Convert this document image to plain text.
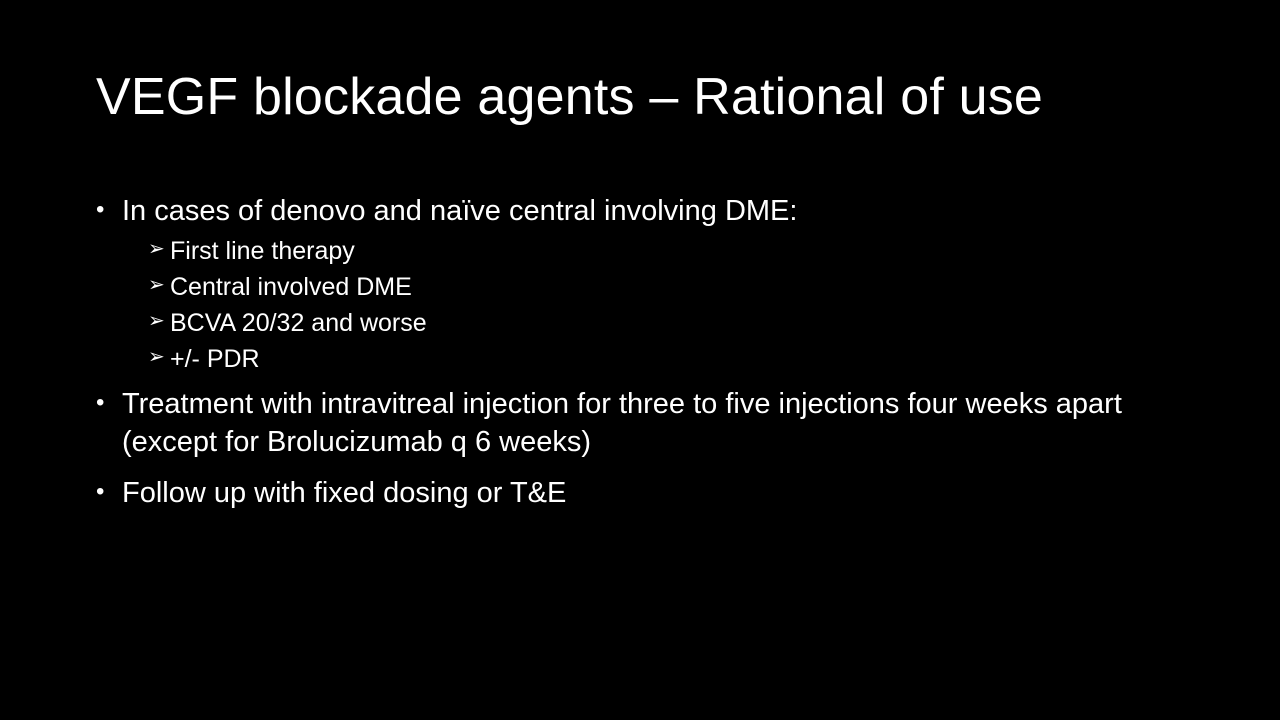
VEGF blockade agents – Rational of use
• In cases of denovo and naïve central involving DME:
➢ First line therapy
➢ Central involved DME
➢ BCVA 20/32 and worse
➢ +/- PDR
• Treatment with intravitreal injection for three to five injections four weeks apart (except for Brolucizumab q 6 weeks)
• Follow up with fixed dosing or T&E
